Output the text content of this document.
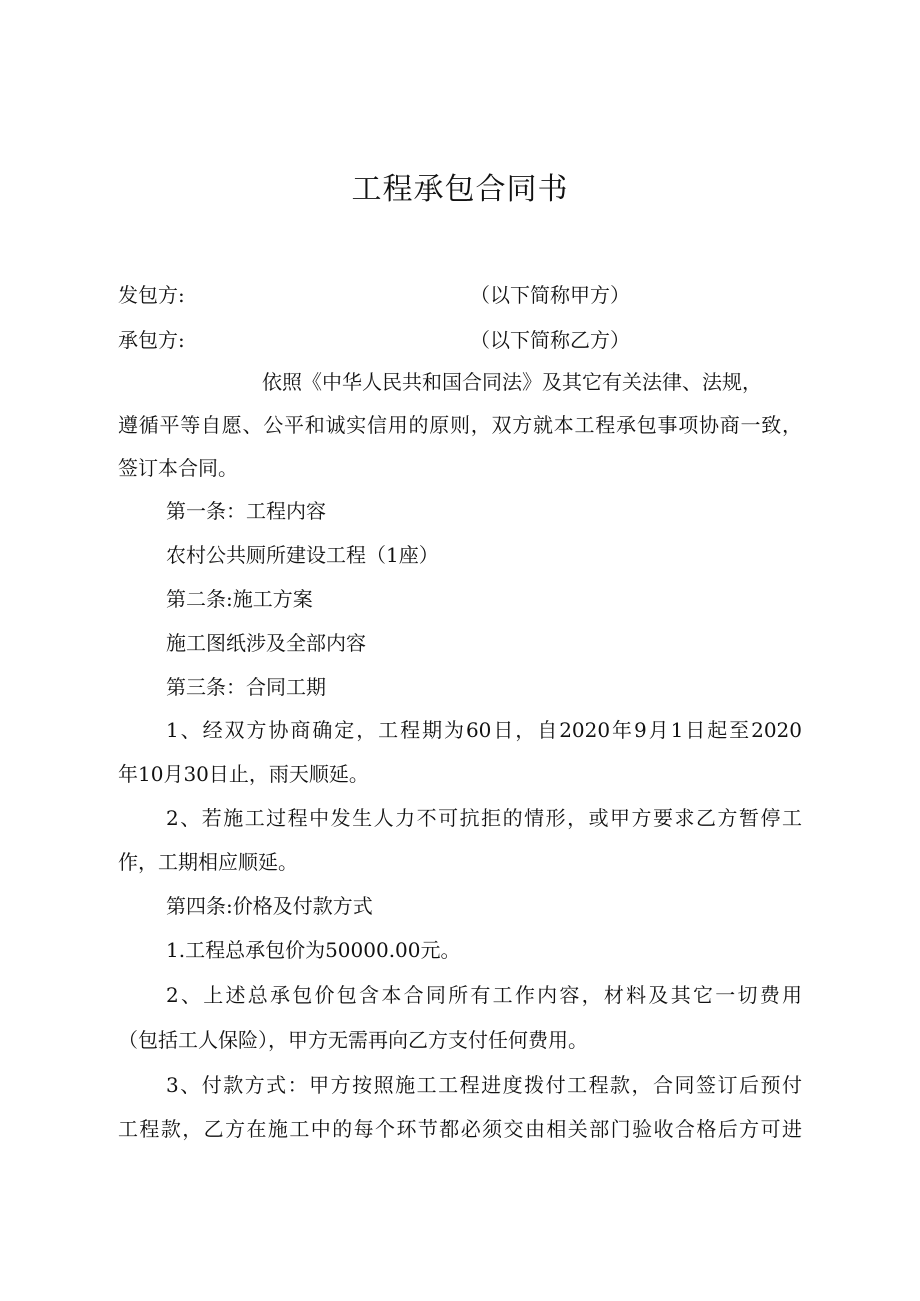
工程承包合同书
发包方:	（以下简称甲方）
承包方:	（以下简称乙方）
依照《中华人民共和国合同法》及其它有关法律、法规，
遵循平等自愿、公平和诚实信用的原则，双方就本工程承包事项协商一致，
签订本合同。
第一条：工程内容
农村公共厕所建设工程（1座）
第二条:施工方案
施工图纸涉及全部内容
第三条：合同工期
1、经双方协商确定，工程期为60日，自2020年9月1日起至2020
年10月30日止，雨天顺延。
2、若施工过程中发生人力不可抗拒的情形，或甲方要求乙方暂停工
作，工期相应顺延。
第四条:价格及付款方式
1.工程总承包价为50000.00元。
2、上述总承包价包含本合同所有工作内容，材料及其它一切费用
（包括工人保险），甲方无需再向乙方支付任何费用。
3、付款方式：甲方按照施工工程进度拨付工程款，合同签订后预付
工程款，乙方在施工中的每个环节都必须交由相关部门验收合格后方可进
